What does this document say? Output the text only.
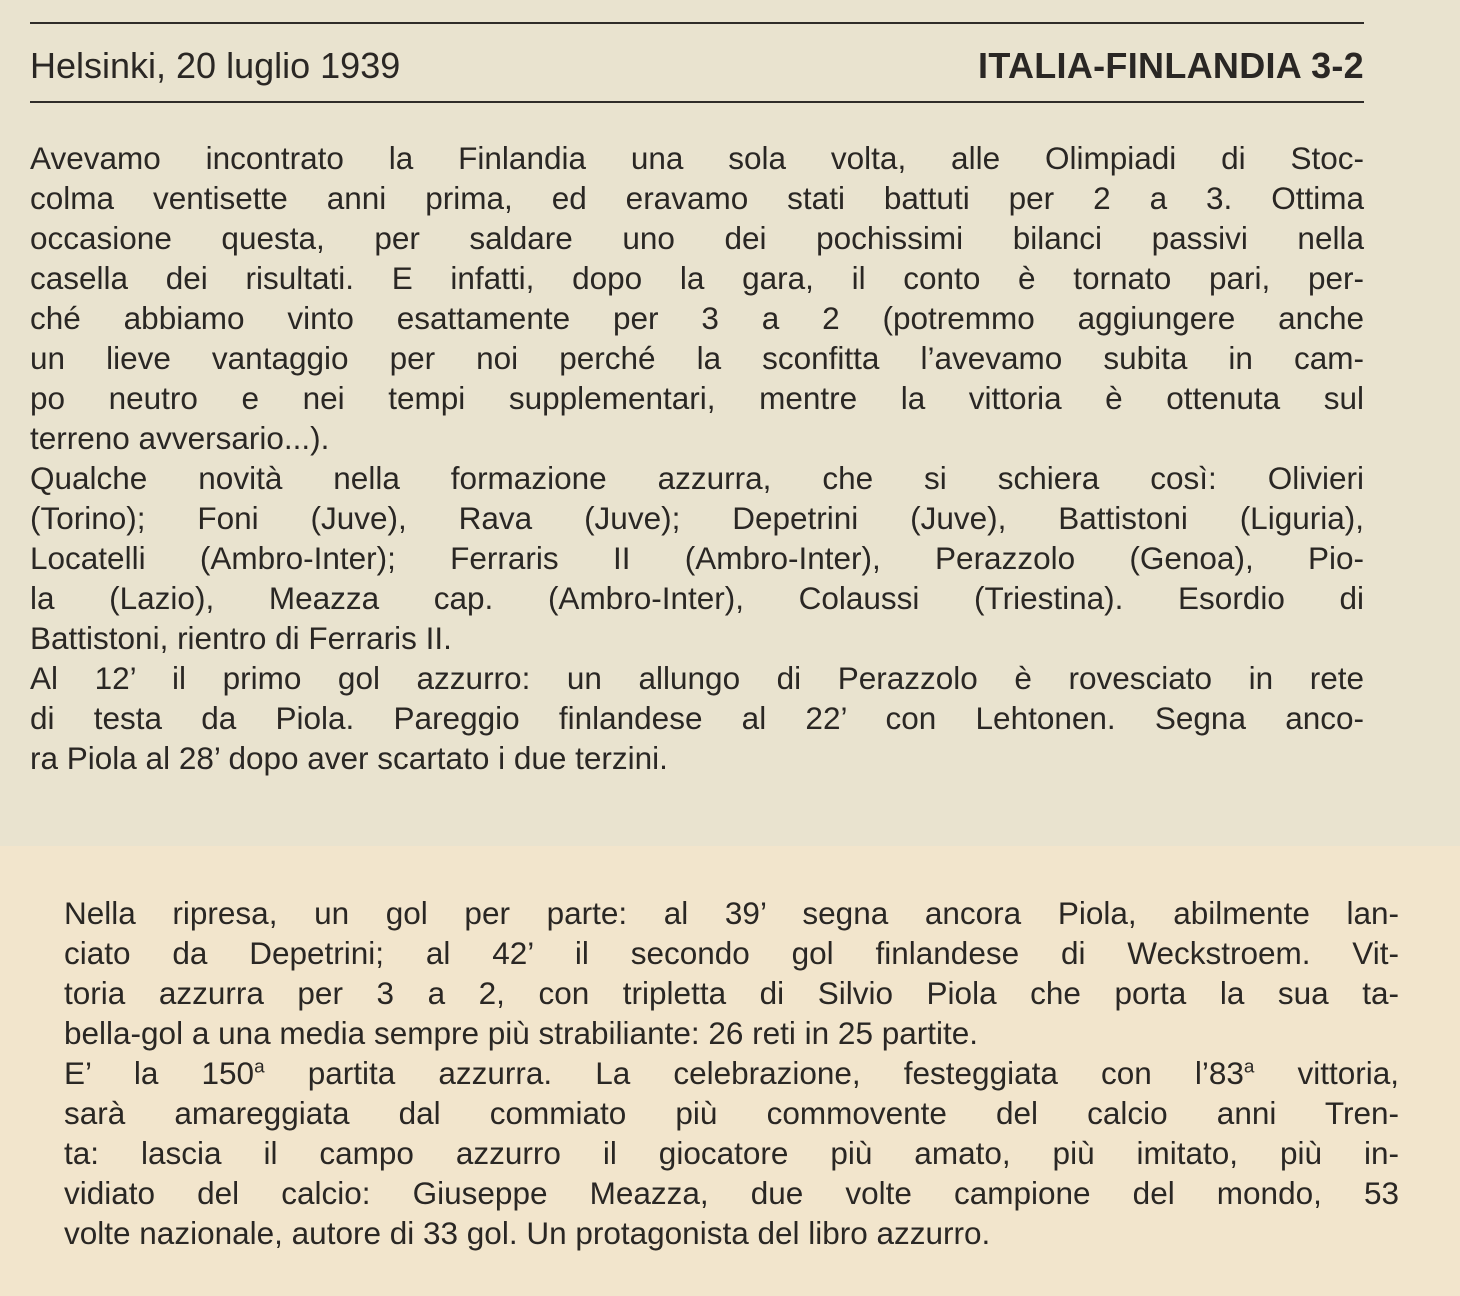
Helsinki, 20 luglio 1939	ITALIA-FINLANDIA 3-2

Avevamo incontrato la Finlandia una sola volta, alle Olimpiadi di Stoc-
colma ventisette anni prima, ed eravamo stati battuti per 2 a 3. Ottima
occasione questa, per saldare uno dei pochissimi bilanci passivi nella
casella dei risultati. E infatti, dopo la gara, il conto è tornato pari, per-
ché abbiamo vinto esattamente per 3 a 2 (potremmo aggiungere anche
un lieve vantaggio per noi perché la sconfitta l’avevamo subita in cam-
po neutro e nei tempi supplementari, mentre la vittoria è ottenuta sul
terreno avversario...).

Qualche novità nella formazione azzurra, che si schiera così: Olivieri
(Torino); Foni (Juve), Rava (Juve); Depetrini (Juve), Battistoni (Liguria),
Locatelli (Ambro-Inter); Ferraris II (Ambro-Inter), Perazzolo (Genoa), Pio-
la (Lazio), Meazza cap. (Ambro-Inter), Colaussi (Triestina). Esordio di
Battistoni, rientro di Ferraris II.

Al 12’ il primo gol azzurro: un allungo di Perazzolo è rovesciato in rete
di testa da Piola. Pareggio finlandese al 22’ con Lehtonen. Segna anco-
ra Piola al 28’ dopo aver scartato i due terzini.

Nella ripresa, un gol per parte: al 39’ segna ancora Piola, abilmente lan-
ciato da Depetrini; al 42’ il secondo gol finlandese di Weckstroem. Vit-
toria azzurra per 3 a 2, con tripletta di Silvio Piola che porta la sua ta-
bella-gol a una media sempre più strabiliante: 26 reti in 25 partite.

E’ la 150$^a$ partita azzurra. La celebrazione, festeggiata con l’83$^a$ vittoria,
sarà amareggiata dal commiato più commovente del calcio anni Tren-
ta: lascia il campo azzurro il giocatore più amato, più imitato, più in-
vidiato del calcio: Giuseppe Meazza, due volte campione del mondo, 53
volte nazionale, autore di 33 gol. Un protagonista del libro azzurro.
